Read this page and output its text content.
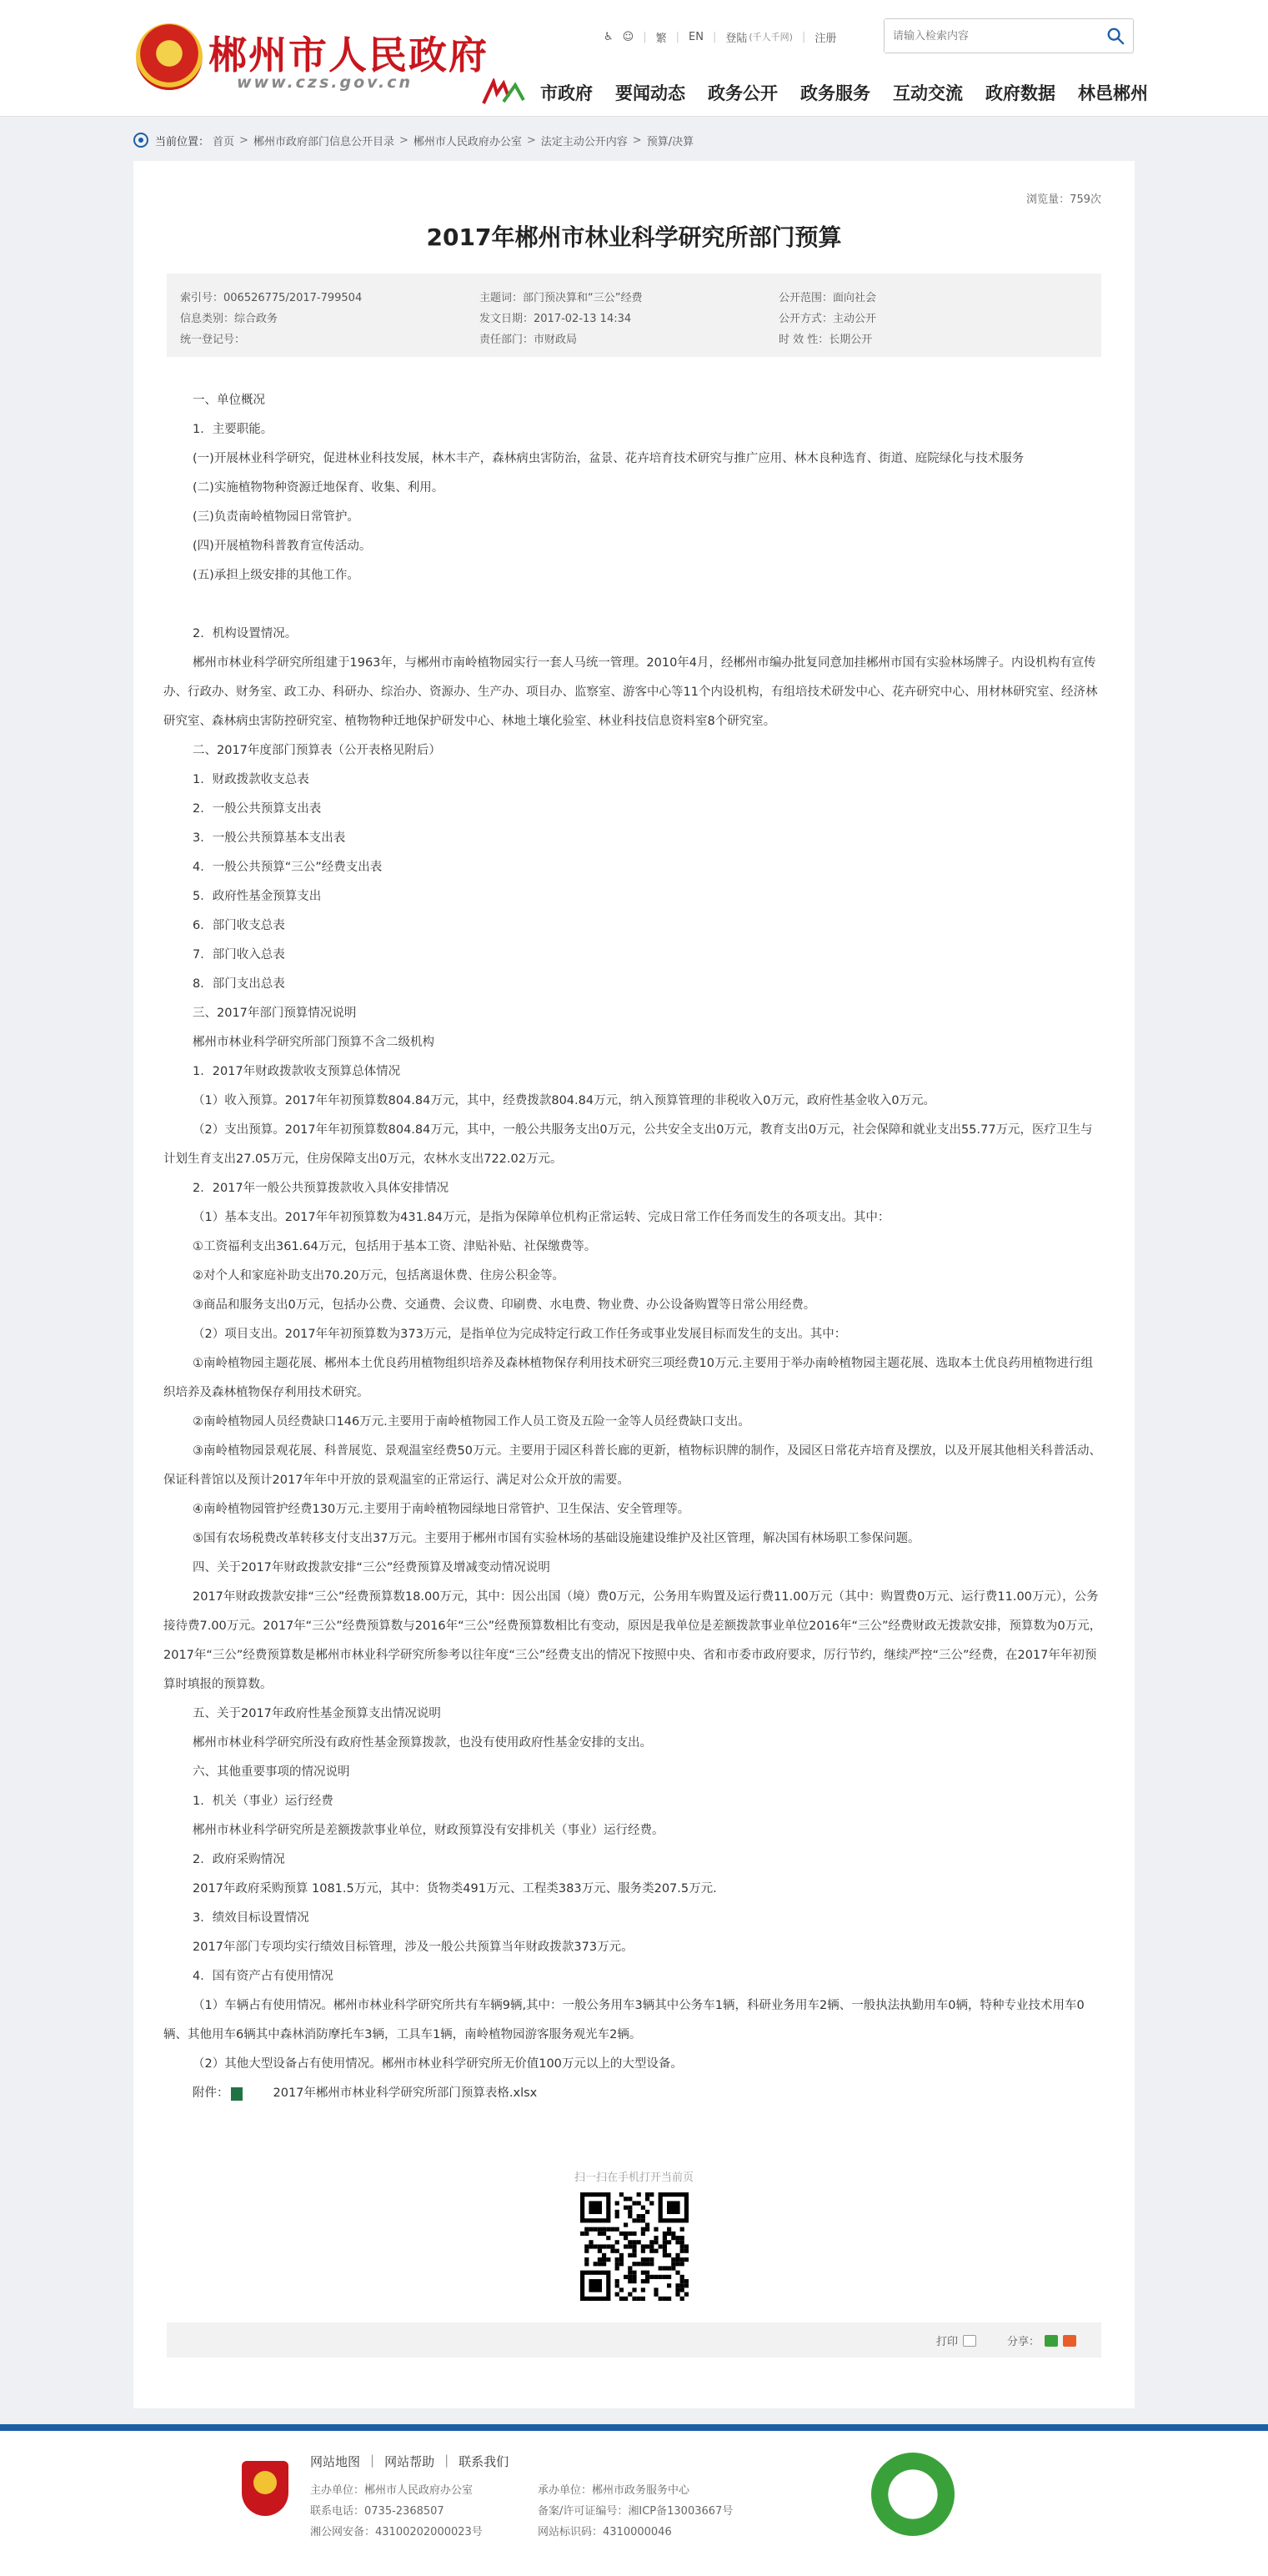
郴州市人民政府
www.czs.gov.cn
♿ ☺ | 繁 | EN | 登陆 (千人千网) | 注册
请输入检索内容
市政府 要闻动态 政务公开 政务服务 互动交流 政府数据 林邑郴州
当前位置： 首页 > 郴州市政府部门信息公开目录 > 郴州市人民政府办公室 > 法定主动公开内容 > 预算/决算
浏览量：759次
2017年郴州市林业科学研究所部门预算
索引号：006526775/2017-799504	主题词：部门预决算和“三公”经费	公开范围：面向社会
信息类别：综合政务	发文日期：2017-02-13 14:34	公开方式：主动公开
统一登记号：	责任部门：市财政局	时 效 性：长期公开

一、单位概况

1．主要职能。

(一)开展林业科学研究，促进林业科技发展，林木丰产，森林病虫害防治，盆景、花卉培育技术研究与推广应用、林木良种选育、街道、庭院绿化与技术服务

(二)实施植物物种资源迁地保育、收集、利用。

(三)负责南岭植物园日常管护。

(四)开展植物科普教育宣传活动。

(五)承担上级安排的其他工作。

2．机构设置情况。

郴州市林业科学研究所组建于1963年，与郴州市南岭植物园实行一套人马统一管理。2010年4月，经郴州市编办批复同意加挂郴州市国有实验林场牌子。内设机构有宣传办、行政办、财务室、政工办、科研办、综治办、资源办、生产办、项目办、监察室、游客中心等11个内设机构，有组培技术研发中心、花卉研究中心、用材林研究室、经济林研究室、森林病虫害防控研究室、植物物种迁地保护研发中心、林地土壤化验室、林业科技信息资料室8个研究室。

二、2017年度部门预算表（公开表格见附后）

1．财政拨款收支总表

2．一般公共预算支出表

3．一般公共预算基本支出表

4．一般公共预算“三公”经费支出表

5．政府性基金预算支出

6．部门收支总表

7．部门收入总表

8．部门支出总表

三、2017年部门预算情况说明

郴州市林业科学研究所部门预算不含二级机构

1．2017年财政拨款收支预算总体情况

（1）收入预算。2017年年初预算数804.84万元，其中，经费拨款804.84万元，纳入预算管理的非税收入0万元，政府性基金收入0万元。

（2）支出预算。2017年年初预算数804.84万元，其中，一般公共服务支出0万元，公共安全支出0万元，教育支出0万元，社会保障和就业支出55.77万元，医疗卫生与计划生育支出27.05万元，住房保障支出0万元，农林水支出722.02万元。

2．2017年一般公共预算拨款收入具体安排情况

（1）基本支出。2017年年初预算数为431.84万元，是指为保障单位机构正常运转、完成日常工作任务而发生的各项支出。其中：

①工资福利支出361.64万元，包括用于基本工资、津贴补贴、社保缴费等。

②对个人和家庭补助支出70.20万元，包括离退休费、住房公积金等。

③商品和服务支出0万元，包括办公费、交通费、会议费、印刷费、水电费、物业费、办公设备购置等日常公用经费。

（2）项目支出。2017年年初预算数为373万元，是指单位为完成特定行政工作任务或事业发展目标而发生的支出。其中：

①南岭植物园主题花展、郴州本土优良药用植物组织培养及森林植物保存利用技术研究三项经费10万元.主要用于举办南岭植物园主题花展、选取本土优良药用植物进行组织培养及森林植物保存利用技术研究。

②南岭植物园人员经费缺口146万元.主要用于南岭植物园工作人员工资及五险一金等人员经费缺口支出。

③南岭植物园景观花展、科普展览、景观温室经费50万元。主要用于园区科普长廊的更新，植物标识牌的制作，及园区日常花卉培育及摆放，以及开展其他相关科普活动、保证科普馆以及预计2017年年中开放的景观温室的正常运行、满足对公众开放的需要。

④南岭植物园管护经费130万元.主要用于南岭植物园绿地日常管护、卫生保洁、安全管理等。

⑤国有农场税费改革转移支付支出37万元。主要用于郴州市国有实验林场的基础设施建设维护及社区管理，解决国有林场职工参保问题。

四、关于2017年财政拨款安排“三公”经费预算及增减变动情况说明

2017年财政拨款安排“三公”经费预算数18.00万元，其中：因公出国（境）费0万元，公务用车购置及运行费11.00万元（其中：购置费0万元、运行费11.00万元），公务接待费7.00万元。2017年“三公”经费预算数与2016年“三公”经费预算数相比有变动，原因是我单位是差额拨款事业单位2016年“三公”经费财政无拨款安排，预算数为0万元，2017年“三公”经费预算数是郴州市林业科学研究所参考以往年度“三公”经费支出的情况下按照中央、省和市委市政府要求，厉行节约，继续严控“三公”经费，在2017年年初预算时填报的预算数。

五、关于2017年政府性基金预算支出情况说明

郴州市林业科学研究所没有政府性基金预算拨款，也没有使用政府性基金安排的支出。

六、其他重要事项的情况说明

1．机关（事业）运行经费

郴州市林业科学研究所是差额拨款事业单位，财政预算没有安排机关（事业）运行经费。

2．政府采购情况

2017年政府采购预算 1081.5万元，其中：货物类491万元、工程类383万元、服务类207.5万元.

3．绩效目标设置情况

2017年部门专项均实行绩效目标管理，涉及一般公共预算当年财政拨款373万元。

4．国有资产占有使用情况

（1）车辆占有使用情况。郴州市林业科学研究所共有车辆9辆,其中：一般公务用车3辆其中公务车1辆，科研业务用车2辆、一般执法执勤用车0辆，特种专业技术用车0辆、其他用车6辆其中森林消防摩托车3辆，工具车1辆，南岭植物园游客服务观光车2辆。

（2）其他大型设备占有使用情况。郴州市林业科学研究所无价值100万元以上的大型设备。

附件：	2017年郴州市林业科学研究所部门预算表格.xlsx

扫一扫在手机打开当前页
打印	分享：
网站地图 | 网站帮助 | 联系我们
主办单位：郴州市人民政府办公室	承办单位：郴州市政务服务中心
联系电话：0735-2368507	备案/许可证编号：湘ICP备13003667号
湘公网安备：43100202000023号	网站标识码：4310000046
